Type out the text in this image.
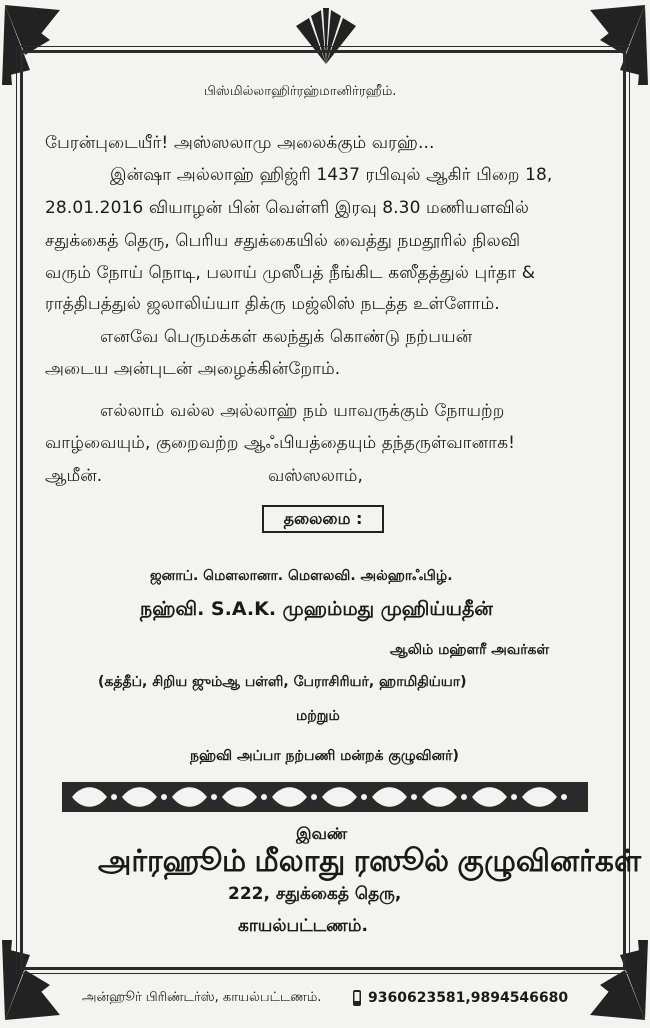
பிஸ்மில்லாஹிர்ரஹ்மானிர்ரஹீம்.
பேரன்புடையீர்! அஸ்ஸலாமு அலைக்கும் வரஹ்...
இன்ஷா அல்லாஹ் ஹிஜ்ரி 1437 ரபிவுல் ஆகிர் பிறை 18,
28.01.2016 வியாழன் பின் வெள்ளி இரவு 8.30 மணியளவில்
சதுக்கைத் தெரு, பெரிய சதுக்கையில் வைத்து நமதூரில் நிலவி
வரும் நோய் நொடி, பலாய் முஸீபத் நீங்கிட கஸீதத்துல் புர்தா &
ராத்திபத்துல் ஜலாலிய்யா திக்ரு மஜ்லிஸ் நடத்த உள்ளோம்.
எனவே பெருமக்கள் கலந்துக் கொண்டு நற்பயன்
அடைய அன்புடன் அழைக்கின்றோம்.
எல்லாம் வல்ல அல்லாஹ் நம் யாவருக்கும் நோயற்ற
வாழ்வையும், குறைவற்ற ஆஃபியத்தையும் தந்தருள்வானாக!
ஆமீன்.	வஸ்ஸலாம்,
தலைமை :
ஜனாப். மௌலானா. மௌலவி. அல்ஹாஃபிழ்.
நஹ்வி. S.A.K. முஹம்மது முஹிய்யதீன்
ஆலிம் மஹ்ளரீ அவர்கள்
(கத்தீப், சிறிய ஜும்ஆ பள்ளி, பேராசிரியர், ஹாமிதிய்யா)
மற்றும்
நஹ்வி அப்பா நற்பணி மன்றக் குழுவினர்)
இவண்
அர்ரஹூம் மீலாது ரஸூல் குழுவினர்கள்
222, சதுக்கைத் தெரு,
காயல்பட்டணம்.
அன்ஹூர் பிரிண்டர்ஸ், காயல்பட்டணம்.	9360623581,9894546680
